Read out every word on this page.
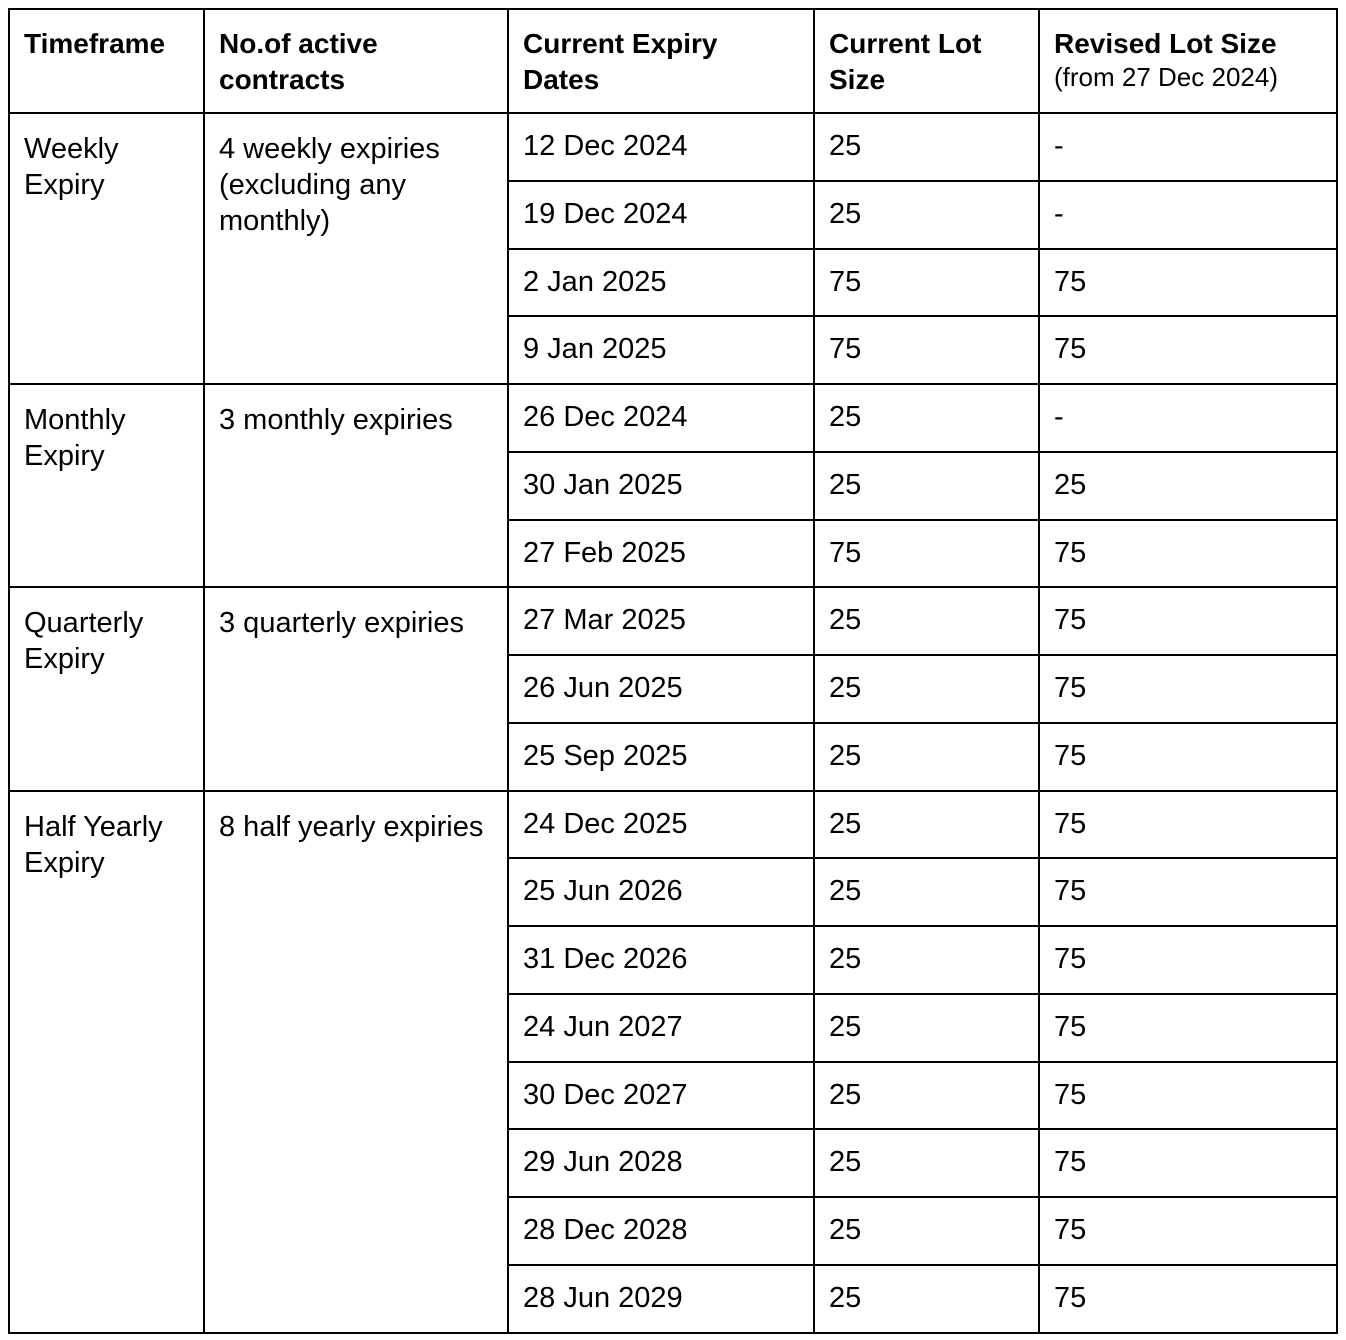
Timeframe	No.of active contracts	Current Expiry Dates	Current Lot Size	Revised Lot Size
(from 27 Dec 2024)

Weekly Expiry	4 weekly expiries (excluding any monthly)	12 Dec 2024	25	-
		19 Dec 2024	25	-
		2 Jan 2025	75	75
		9 Jan 2025	75	75
Monthly Expiry	3 monthly expiries	26 Dec 2024	25	-
		30 Jan 2025	25	25
		27 Feb 2025	75	75
Quarterly Expiry	3 quarterly expiries	27 Mar 2025	25	75
		26 Jun 2025	25	75
		25 Sep 2025	25	75
Half Yearly Expiry	8 half yearly expiries	24 Dec 2025	25	75
		25 Jun 2026	25	75
		31 Dec 2026	25	75
		24 Jun 2027	25	75
		30 Dec 2027	25	75
		29 Jun 2028	25	75
		28 Dec 2028	25	75
		28 Jun 2029	25	75
